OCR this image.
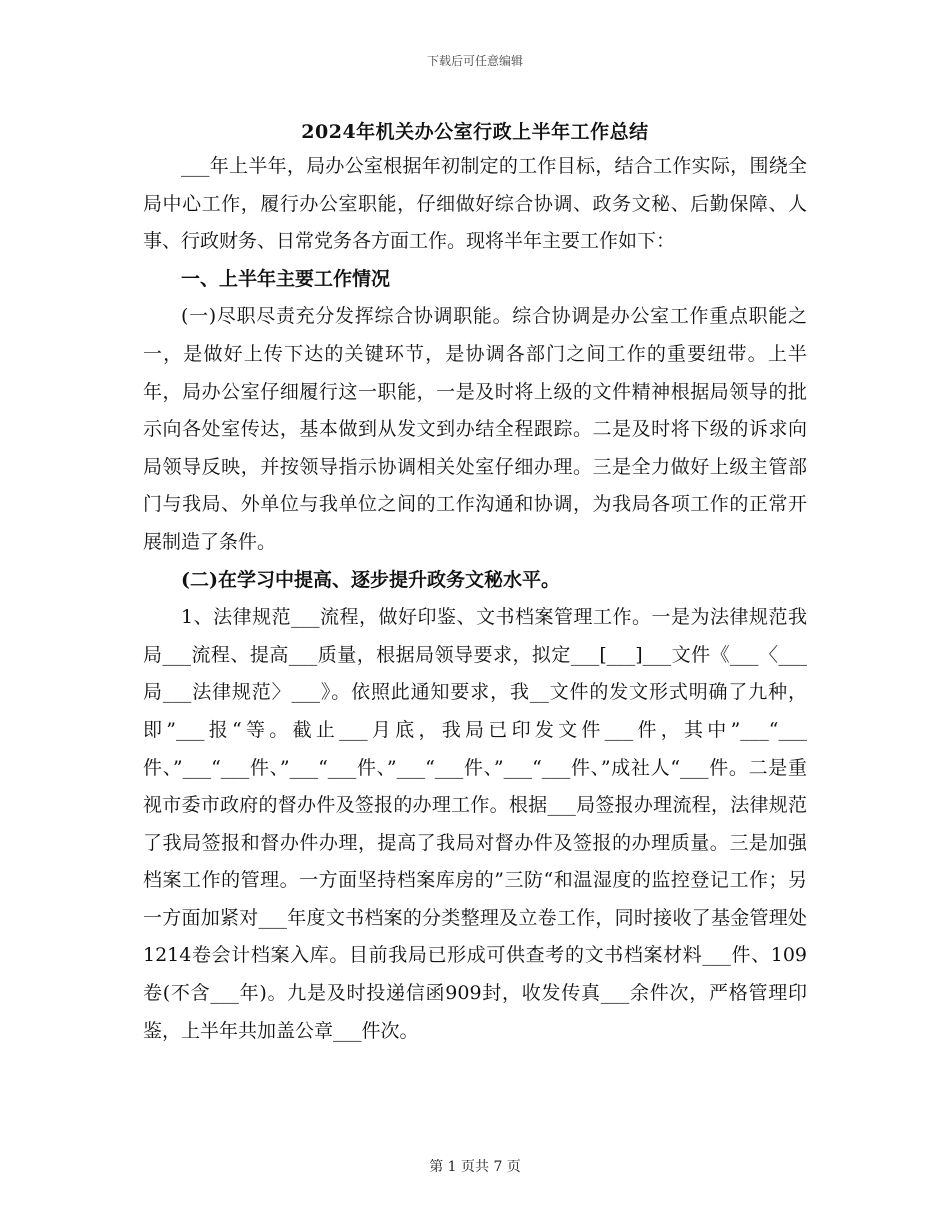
下载后可任意编辑
2024年机关办公室行政上半年工作总结

___年上半年，局办公室根据年初制定的工作目标，结合工作实际，围绕全局中心工作，履行办公室职能，仔细做好综合协调、政务文秘、后勤保障、人事、行政财务、日常党务各方面工作。现将半年主要工作如下：

一、上半年主要工作情况

(一)尽职尽责充分发挥综合协调职能。综合协调是办公室工作重点职能之一，是做好上传下达的关键环节，是协调各部门之间工作的重要纽带。上半年，局办公室仔细履行这一职能，一是及时将上级的文件精神根据局领导的批示向各处室传达，基本做到从发文到办结全程跟踪。二是及时将下级的诉求向局领导反映，并按领导指示协调相关处室仔细办理。三是全力做好上级主管部门与我局、外单位与我单位之间的工作沟通和协调，为我局各项工作的正常开展制造了条件。

(二)在学习中提高、逐步提升政务文秘水平。

1、法律规范___流程，做好印鉴、文书档案管理工作。一是为法律规范我局___流程、提高___质量，根据局领导要求，拟定___[___]___文件《___〈___局___法律规范〉___》。依照此通知要求，我__文件的发文形式明确了九种，即”___报“等。截止___月底，我局已印发文件___件，其中”___“___件、”___“___件、”___“___件、”___“___件、”___“___件、”成社人“___件。二是重视市委市政府的督办件及签报的办理工作。根据___局签报办理流程，法律规范了我局签报和督办件办理，提高了我局对督办件及签报的办理质量。三是加强档案工作的管理。一方面坚持档案库房的”三防“和温湿度的监控登记工作；另一方面加紧对___年度文书档案的分类整理及立卷工作，同时接收了基金管理处1214卷会计档案入库。目前我局已形成可供查考的文书档案材料___件、109卷(不含___年)。九是及时投递信函909封，收发传真___余件次，严格管理印鉴，上半年共加盖公章___件次。

第 1 页共 7 页
